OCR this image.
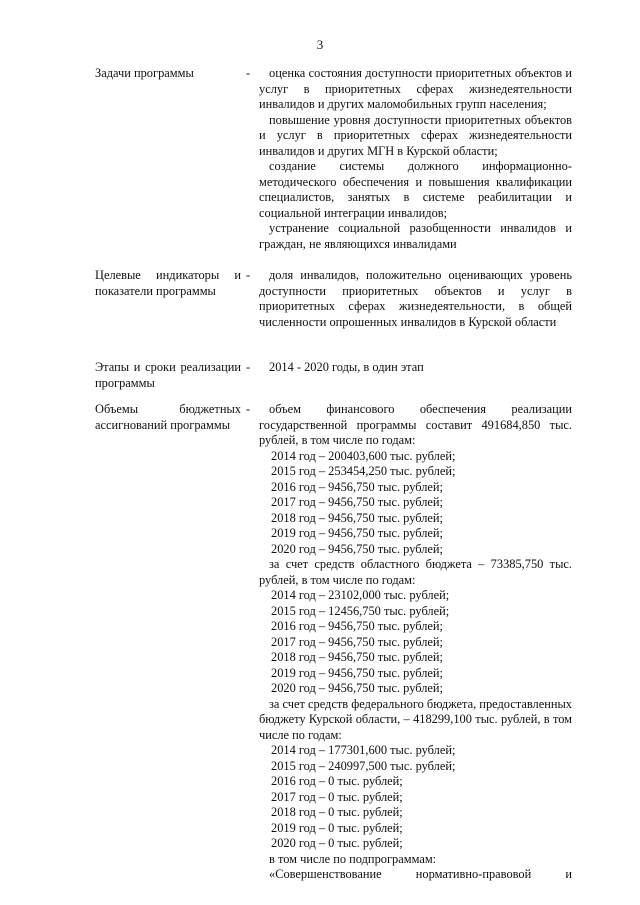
3
Задачи программы	-	оценка состояния доступности приоритетных объектов и услуг в приоритетных сферах жизнедеятельности инвалидов и других маломобильных групп населения;

повышение уровня доступности приоритетных объектов и услуг в приоритетных сферах жизнедеятельности инвалидов и других МГН в Курской области;

создание системы должного информационно-методического обеспечения и повышения квалификации специалистов, занятых в системе реабилитации и социальной интеграции инвалидов;

устранение социальной разобщенности инвалидов и граждан, не являющихся инвалидами

Целевые индикаторы и показатели программы
-	доля инвалидов, положительно оценивающих уровень доступности приоритетных объектов и услуг в приоритетных сферах жизнедеятельности, в общей численности опрошенных инвалидов в Курской области

Этапы и сроки реализации программы
-	2014 - 2020 годы, в один этап

Объемы бюджетных ассигнований программы
-	объем финансового обеспечения реализации государственной программы составит 491684,850 тыс. рублей, в том числе по годам:

2014 год – 200403,600 тыс. рублей;
2015 год – 253454,250 тыс. рублей;
2016 год – 9456,750 тыс. рублей;
2017 год – 9456,750 тыс. рублей;
2018 год – 9456,750 тыс. рублей;
2019 год – 9456,750 тыс. рублей;
2020 год – 9456,750 тыс. рублей;

за счет средств областного бюджета – 73385,750 тыс. рублей, в том числе по годам:

2014 год – 23102,000 тыс. рублей;
2015 год – 12456,750 тыс. рублей;
2016 год – 9456,750 тыс. рублей;
2017 год – 9456,750 тыс. рублей;
2018 год – 9456,750 тыс. рублей;
2019 год – 9456,750 тыс. рублей;
2020 год – 9456,750 тыс. рублей;

за счет средств федерального бюджета, предоставленных бюджету Курской области, – 418299,100 тыс. рублей, в том числе по годам:

2014 год – 177301,600 тыс. рублей;
2015 год – 240997,500 тыс. рублей;
2016 год – 0 тыс. рублей;
2017 год – 0 тыс. рублей;
2018 год – 0 тыс. рублей;
2019 год – 0 тыс. рублей;
2020 год – 0 тыс. рублей;

в том числе по подпрограммам:

«Совершенствование нормативно-правовой и
